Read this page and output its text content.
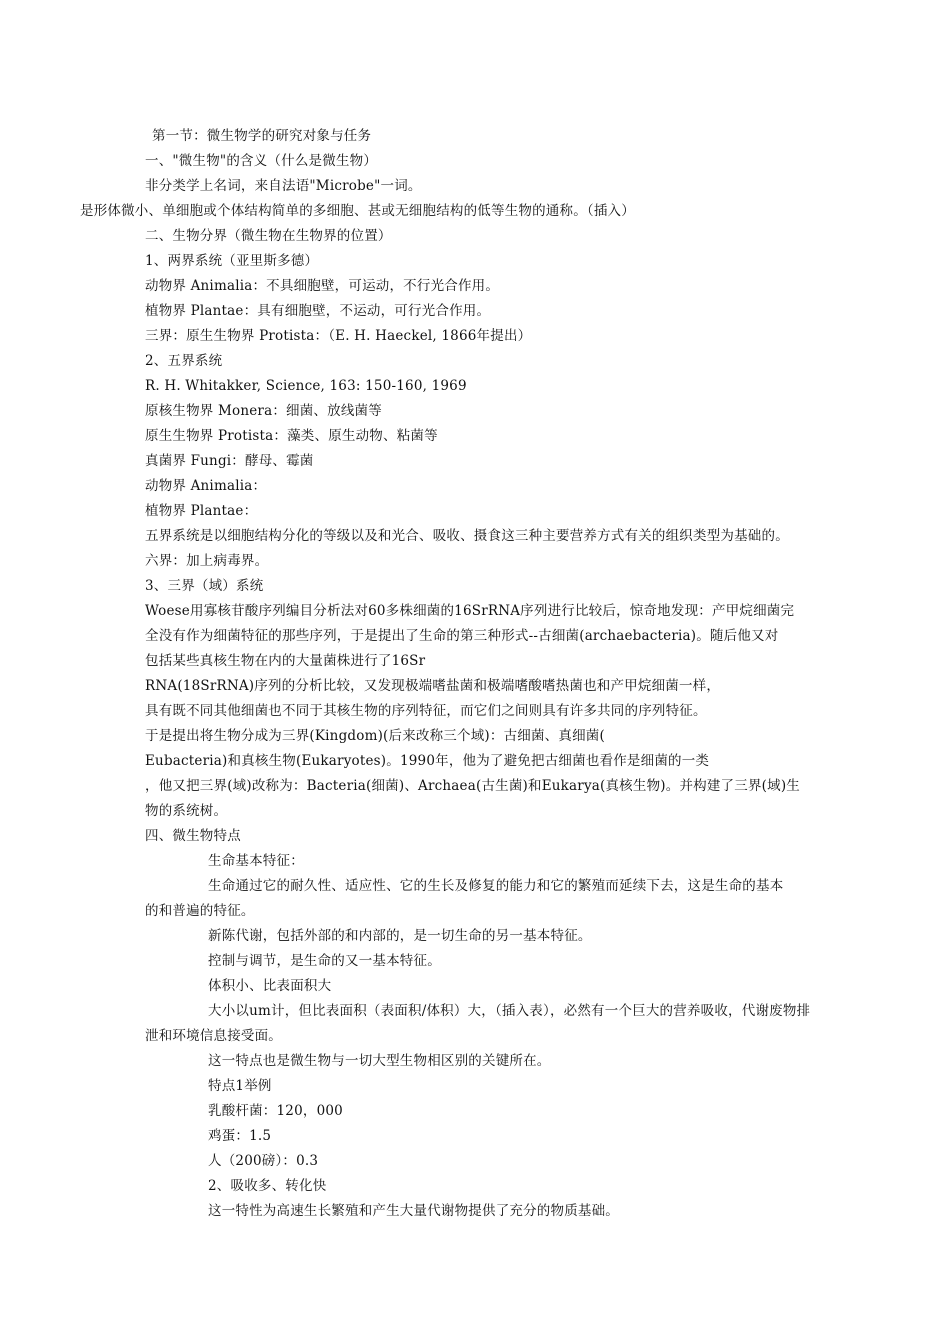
第一节：微生物学的研究对象与任务
一、"微生物"的含义（什么是微生物）
非分类学上名词，来自法语"Microbe"一词。
是形体微小、单细胞或个体结构简单的多细胞、甚或无细胞结构的低等生物的通称。（插入）
二、生物分界（微生物在生物界的位置）
1、两界系统（亚里斯多德）
动物界 Animalia：不具细胞壁，可运动，不行光合作用。
植物界 Plantae：具有细胞壁，不运动，可行光合作用。
三界：原生生物界 Protista：（E. H. Haeckel, 1866年提出）
2、五界系统
R. H. Whitakker, Science, 163: 150-160, 1969
原核生物界 Monera：细菌、放线菌等
原生生物界 Protista：藻类、原生动物、粘菌等
真菌界 Fungi：酵母、霉菌
动物界 Animalia：
植物界 Plantae：
五界系统是以细胞结构分化的等级以及和光合、吸收、摄食这三种主要营养方式有关的组织类型为基础的。
六界：加上病毒界。
3、三界（域）系统
Woese用寡核苷酸序列编目分析法对60多株细菌的16SrRNA序列进行比较后，惊奇地发现：产甲烷细菌完
全没有作为细菌特征的那些序列，于是提出了生命的第三种形式--古细菌(archaebacteria)。随后他又对
包括某些真核生物在内的大量菌株进行了16Sr
RNA(18SrRNA)序列的分析比较，又发现极端嗜盐菌和极端嗜酸嗜热菌也和产甲烷细菌一样，
具有既不同其他细菌也不同于其核生物的序列特征，而它们之间则具有许多共同的序列特征。
于是提出将生物分成为三界(Kingdom)(后来改称三个域)：古细菌、真细菌(
Eubacteria)和真核生物(Eukaryotes)。1990年，他为了避免把古细菌也看作是细菌的一类
，他又把三界(域)改称为：Bacteria(细菌)、Archaea(古生菌)和Eukarya(真核生物)。并构建了三界(域)生
物的系统树。
四、微生物特点
生命基本特征：
生命通过它的耐久性、适应性、它的生长及修复的能力和它的繁殖而延续下去，这是生命的基本
的和普遍的特征。
新陈代谢，包括外部的和内部的，是一切生命的另一基本特征。
控制与调节，是生命的又一基本特征。
体积小、比表面积大
大小以um计，但比表面积（表面积/体积）大，（插入表），必然有一个巨大的营养吸收，代谢废物排
泄和环境信息接受面。
这一特点也是微生物与一切大型生物相区别的关键所在。
特点1举例
乳酸杆菌：120，000
鸡蛋：1.5
人（200磅）：0.3
2、吸收多、转化快
这一特性为高速生长繁殖和产生大量代谢物提供了充分的物质基础。
